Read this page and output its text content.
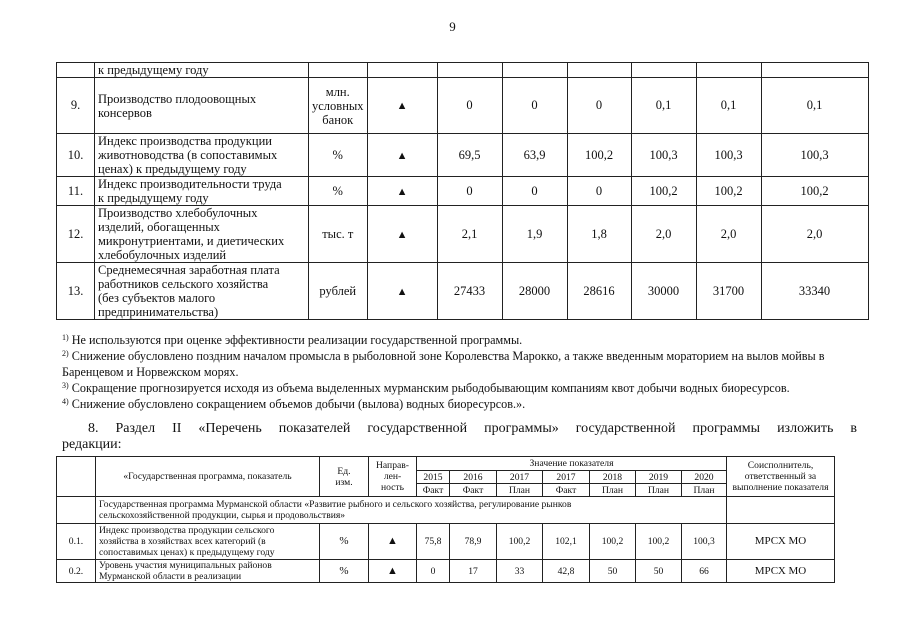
9
	к предыдущему году								
9.	Производство плодоовощных
консервов	млн.
условных
банок	▲	0	0	0	0,1	0,1	0,1
10.	Индекс производства продукции
животноводства (в сопоставимых
ценах) к предыдущему году	%	▲	69,5	63,9	100,2	100,3	100,3	100,3
11.	Индекс производительности труда
к предыдущему году	%	▲	0	0	0	100,2	100,2	100,2
12.	Производство хлебобулочных
изделий, обогащенных
микронутриентами, и диетических
хлебобулочных изделий	тыс. т	▲	2,1	1,9	1,8	2,0	2,0	2,0
13.	Среднемесячная заработная плата
работников сельского хозяйства
(без субъектов малого
предпринимательства)	рублей	▲	27433	28000	28616	30000	31700	33340

$^{1)}$ Не используются при оценке эффективности реализации государственной программы.

$^{2)}$ Снижение обусловлено поздним началом промысла в рыболовной зоне Королевства Марокко, а также введенным мораторием на вылов мойвы в Баренцевом и Норвежском морях.

$^{3)}$ Сокращение прогнозируется исходя из объема выделенных мурманским рыбодобывающим компаниям квот добычи водных биоресурсов.

$^{4)}$ Снижение обусловлено сокращением объемов добычи (вылова) водных биоресурсов.».

8. Раздел II «Перечень показателей государственной программы» государственной программы изложить в
редакции:
	«Государственная программа, показатель	Ед.
изм.	Направ-
лен-
ность	Значение показателя							Соисполнитель,
ответственный за
выполнение показателя
				2015	2016	2017	2017	2018	2019	2020	
				Факт	Факт	План	Факт	План	План	План	
	Государственная программа Мурманской области «Развитие рыбного и сельского хозяйства, регулирование рынков
сельскохозяйственной продукции, сырья и продовольствия»										
0.1.	Индекс производства продукции сельского
хозяйства в хозяйствах всех категорий (в
сопоставимых ценах) к предыдущему году	%	▲	75,8	78,9	100,2	102,1	100,2	100,2	100,3	МРСХ МО
0.2.	Уровень участия муниципальных районов
Мурманской области в реализации	%	▲	0	17	33	42,8	50	50	66	МРСХ МО
